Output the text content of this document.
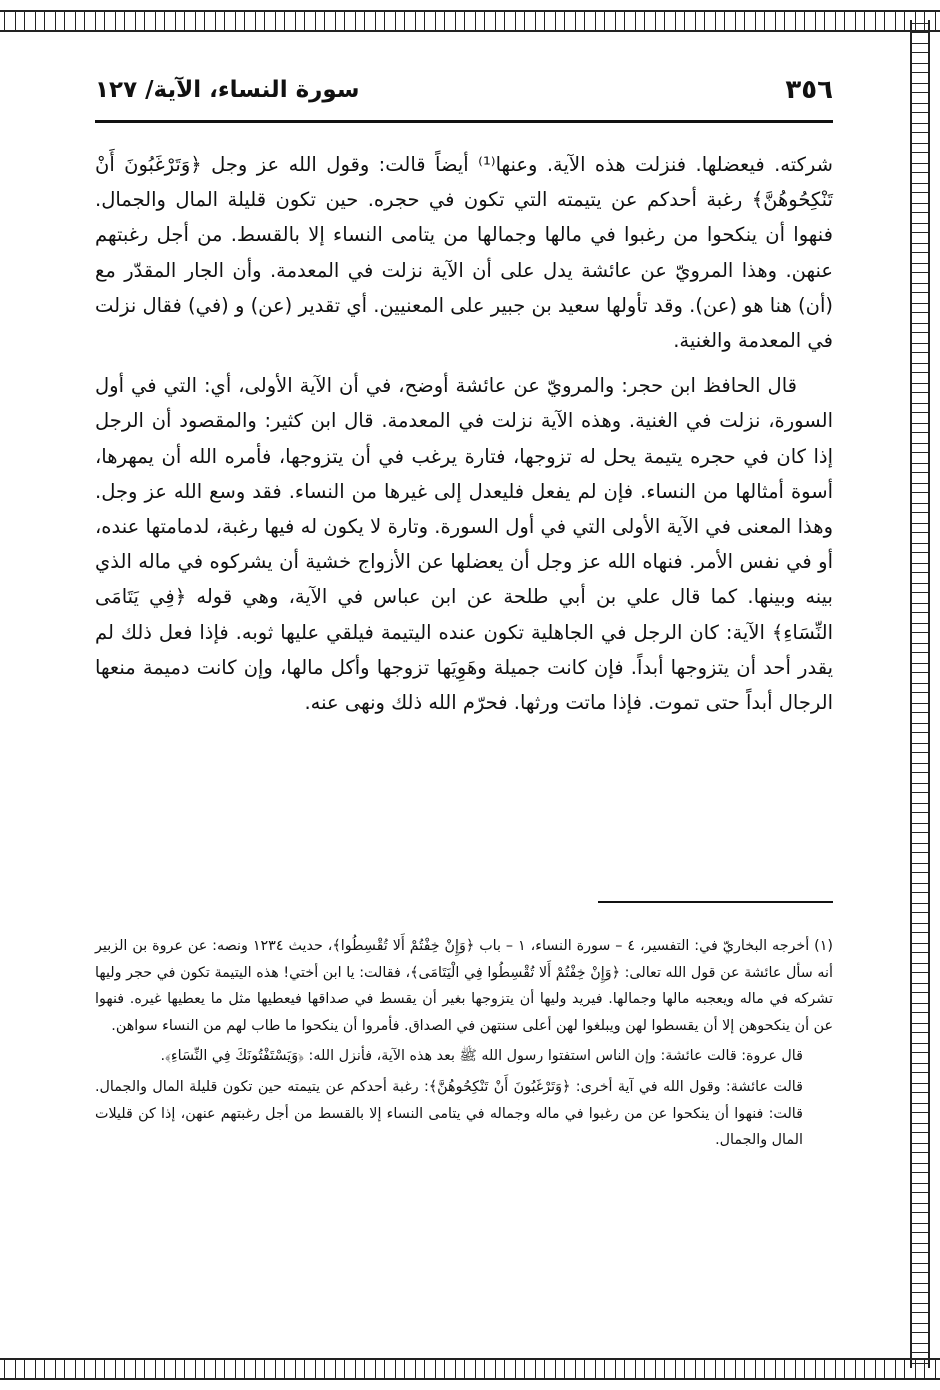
٣٥٦
سورة النساء، الآية/ ١٢٧

شركته. فيعضلها. فنزلت هذه الآية. وعنها⁽¹⁾ أيضاً قالت: وقول الله عز وجل ﴿وَتَرْغَبُونَ أَنْ تَنْكِحُوهُنَّ﴾ رغبة أحدكم عن يتيمته التي تكون في حجره. حين تكون قليلة المال والجمال. فنهوا أن ينكحوا من رغبوا في مالها وجمالها من يتامى النساء إلا بالقسط. من أجل رغبتهم عنهن. وهذا المرويّ عن عائشة يدل على أن الآية نزلت في المعدمة. وأن الجار المقدّر مع (أن) هنا هو (عن). وقد تأولها سعيد بن جبير على المعنيين. أي تقدير (عن) و (في) فقال نزلت في المعدمة والغنية.

قال الحافظ ابن حجر: والمرويّ عن عائشة أوضح، في أن الآية الأولى، أي: التي في أول السورة، نزلت في الغنية. وهذه الآية نزلت في المعدمة. قال ابن كثير: والمقصود أن الرجل إذا كان في حجره يتيمة يحل له تزوجها، فتارة يرغب في أن يتزوجها، فأمره الله أن يمهرها، أسوة أمثالها من النساء. فإن لم يفعل فليعدل إلى غيرها من النساء. فقد وسع الله عز وجل. وهذا المعنى في الآية الأولى التي في أول السورة. وتارة لا يكون له فيها رغبة، لدمامتها عنده، أو في نفس الأمر. فنهاه الله عز وجل أن يعضلها عن الأزواج خشية أن يشركوه في ماله الذي بينه وبينها. كما قال علي بن أبي طلحة عن ابن عباس في الآية، وهي قوله ﴿فِي يَتَامَى النِّسَاءِ﴾ الآية: كان الرجل في الجاهلية تكون عنده اليتيمة فيلقي عليها ثوبه. فإذا فعل ذلك لم يقدر أحد أن يتزوجها أبداً. فإن كانت جميلة وهَوِيَها تزوجها وأكل مالها، وإن كانت دميمة منعها الرجال أبداً حتى تموت. فإذا ماتت ورثها. فحرّم الله ذلك ونهى عنه.

(١) أخرجه البخاريّ في: التفسير، ٤ – سورة النساء، ١ – باب ﴿وَإِنْ خِفْتُمْ أَلا تُقْسِطُوا﴾، حديث ١٢٣٤ ونصه: عن عروة بن الزبير أنه سأل عائشة عن قول الله تعالى: ﴿وَإِنْ خِفْتُمْ أَلا تُقْسِطُوا فِي الْيَتَامَى﴾، فقالت: يا ابن أختي! هذه اليتيمة تكون في حجر وليها تشركه في ماله ويعجبه مالها وجمالها. فيريد وليها أن يتزوجها بغير أن يقسط في صداقها فيعطيها مثل ما يعطيها غيره. فنهوا عن أن ينكحوهن إلا أن يقسطوا لهن ويبلغوا لهن أعلى سنتهن في الصداق. فأمروا أن ينكحوا ما طاب لهم من النساء سواهن.

قال عروة: قالت عائشة: وإن الناس استفتوا رسول الله ﷺ بعد هذه الآية، فأنزل الله: ﴿وَيَسْتَفْتُونَكَ فِي النِّسَاءِ﴾.

قالت عائشة: وقول الله في آية أخرى: ﴿وَتَرْغَبُونَ أَنْ تَنْكِحُوهُنَّ﴾: رغبة أحدكم عن يتيمته حين تكون قليلة المال والجمال. قالت: فنهوا أن ينكحوا عن من رغبوا في ماله وجماله في يتامى النساء إلا بالقسط من أجل رغبتهم عنهن، إذا كن قليلات المال والجمال.
